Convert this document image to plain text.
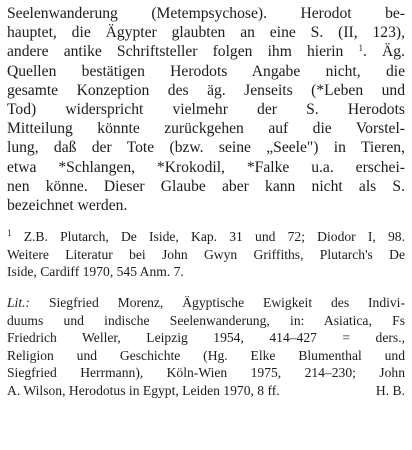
Seelenwanderung (Metempsychose). Herodot be-
hauptet, die Ägypter glaubten an eine S. (II, 123),
andere antike Schriftsteller folgen ihm hierin $^1$. Äg.
Quellen bestätigen Herodots Angabe nicht, die
gesamte Konzeption des äg. Jenseits (*Leben und
Tod) widerspricht vielmehr der S. Herodots
Mitteilung könnte zurückgehen auf die Vorstel-
lung, daß der Tote (bzw. seine „Seele") in Tieren,
etwa *Schlangen, *Krokodil, *Falke u.a. erschei-
nen könne. Dieser Glaube aber kann nicht als S.
bezeichnet werden.
$^1$ Z.B. Plutarch, De Iside, Kap. 31 und 72; Diodor I, 98.
Weitere Literatur bei John Gwyn Griffiths, Plutarch's De
Iside, Cardiff 1970, 545 Anm. 7.
Lit.: Siegfried Morenz, Ägyptische Ewigkeit des Indivi-
duums und indische Seelenwanderung, in: Asiatica, Fs
Friedrich Weller, Leipzig 1954, 414–427 = ders.,
Religion und Geschichte (Hg. Elke Blumenthal und
Siegfried Herrmann), Köln-Wien 1975, 214–230; John
A. Wilson, Herodotus in Egypt, Leiden 1970, 8 ff.	H. B.
